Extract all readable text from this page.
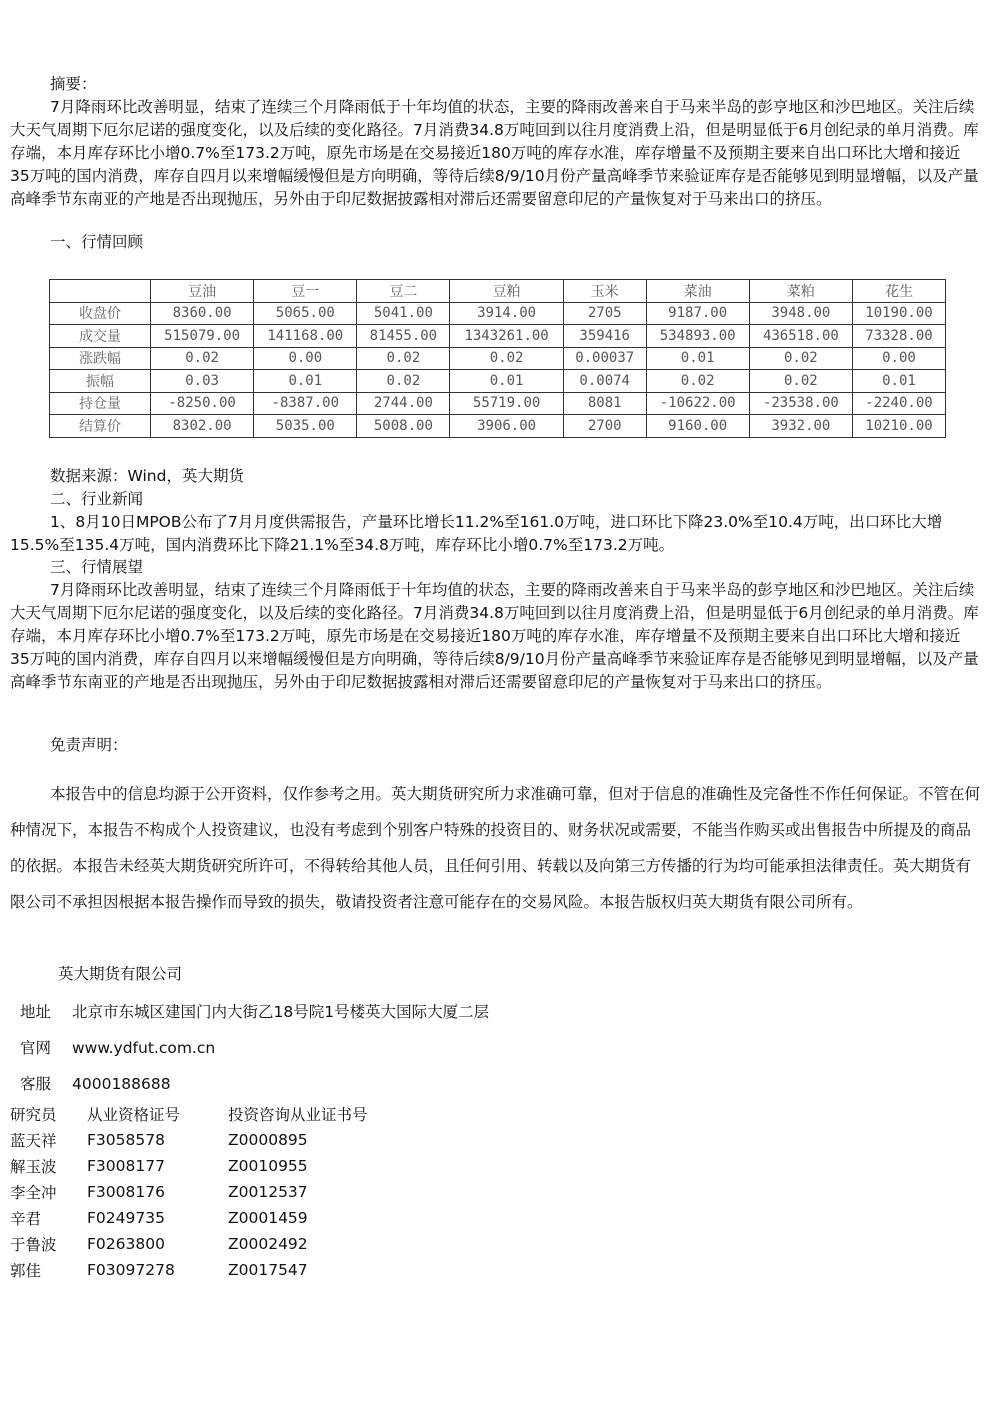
摘要：
7月降雨环比改善明显，结束了连续三个月降雨低于十年均值的状态，主要的降雨改善来自于马来半岛的彭亨地区和沙巴地区。关注后续大天气周期下厄尔尼诺的强度变化，以及后续的变化路径。7月消费34.8万吨回到以往月度消费上沿，但是明显低于6月创纪录的单月消费。库存端，本月库存环比小增0.7%至173.2万吨，原先市场是在交易接近180万吨的库存水准，库存增量不及预期主要来自出口环比大增和接近35万吨的国内消费，库存自四月以来增幅缓慢但是方向明确，等待后续8/9/10月份产量高峰季节来验证库存是否能够见到明显增幅，以及产量高峰季节东南亚的产地是否出现抛压，另外由于印尼数据披露相对滞后还需要留意印尼的产量恢复对于马来出口的挤压。
一、行情回顾
	豆油	豆一	豆二	豆粕	玉米	菜油	菜粕	花生
收盘价	8360.00	5065.00	5041.00	3914.00	2705	9187.00	3948.00	10190.00
成交量	515079.00	141168.00	81455.00	1343261.00	359416	534893.00	436518.00	73328.00
涨跌幅	0.02	0.00	0.02	0.02	0.00037	0.01	0.02	0.00
振幅	0.03	0.01	0.02	0.01	0.0074	0.02	0.02	0.01
持仓量	-8250.00	-8387.00	2744.00	55719.00	8081	-10622.00	-23538.00	-2240.00
结算价	8302.00	5035.00	5008.00	3906.00	2700	9160.00	3932.00	10210.00
数据来源：Wind，英大期货
二、行业新闻
1、8月10日MPOB公布了7月月度供需报告，产量环比增长11.2%至161.0万吨，进口环比下降23.0%至10.4万吨，出口环比大增15.5%至135.4万吨，国内消费环比下降21.1%至34.8万吨，库存环比小增0.7%至173.2万吨。
三、行情展望
7月降雨环比改善明显，结束了连续三个月降雨低于十年均值的状态，主要的降雨改善来自于马来半岛的彭亨地区和沙巴地区。关注后续大天气周期下厄尔尼诺的强度变化，以及后续的变化路径。7月消费34.8万吨回到以往月度消费上沿，但是明显低于6月创纪录的单月消费。库存端，本月库存环比小增0.7%至173.2万吨，原先市场是在交易接近180万吨的库存水准，库存增量不及预期主要来自出口环比大增和接近35万吨的国内消费，库存自四月以来增幅缓慢但是方向明确，等待后续8/9/10月份产量高峰季节来验证库存是否能够见到明显增幅，以及产量高峰季节东南亚的产地是否出现抛压，另外由于印尼数据披露相对滞后还需要留意印尼的产量恢复对于马来出口的挤压。
免责声明：
本报告中的信息均源于公开资料，仅作参考之用。英大期货研究所力求准确可靠，但对于信息的准确性及完备性不作任何保证。不管在何种情况下，本报告不构成个人投资建议，也没有考虑到个别客户特殊的投资目的、财务状况或需要，不能当作购买或出售报告中所提及的商品的依据。本报告未经英大期货研究所许可，不得转给其他人员，且任何引用、转载以及向第三方传播的行为均可能承担法律责任。英大期货有限公司不承担因根据本报告操作而导致的损失，敬请投资者注意可能存在的交易风险。本报告版权归英大期货有限公司所有。
英大期货有限公司
地址 北京市东城区建国门内大街乙18号院1号楼英大国际大厦二层
官网 www.ydfut.com.cn
客服 4000188688
研究员	从业资格证号	投资咨询从业证书号
蓝天祥	F3058578	Z0000895
解玉波	F3008177	Z0010955
李全冲	F3008176	Z0012537
辛君	F0249735	Z0001459
于鲁波	F0263800	Z0002492
郭佳	F03097278	Z0017547
